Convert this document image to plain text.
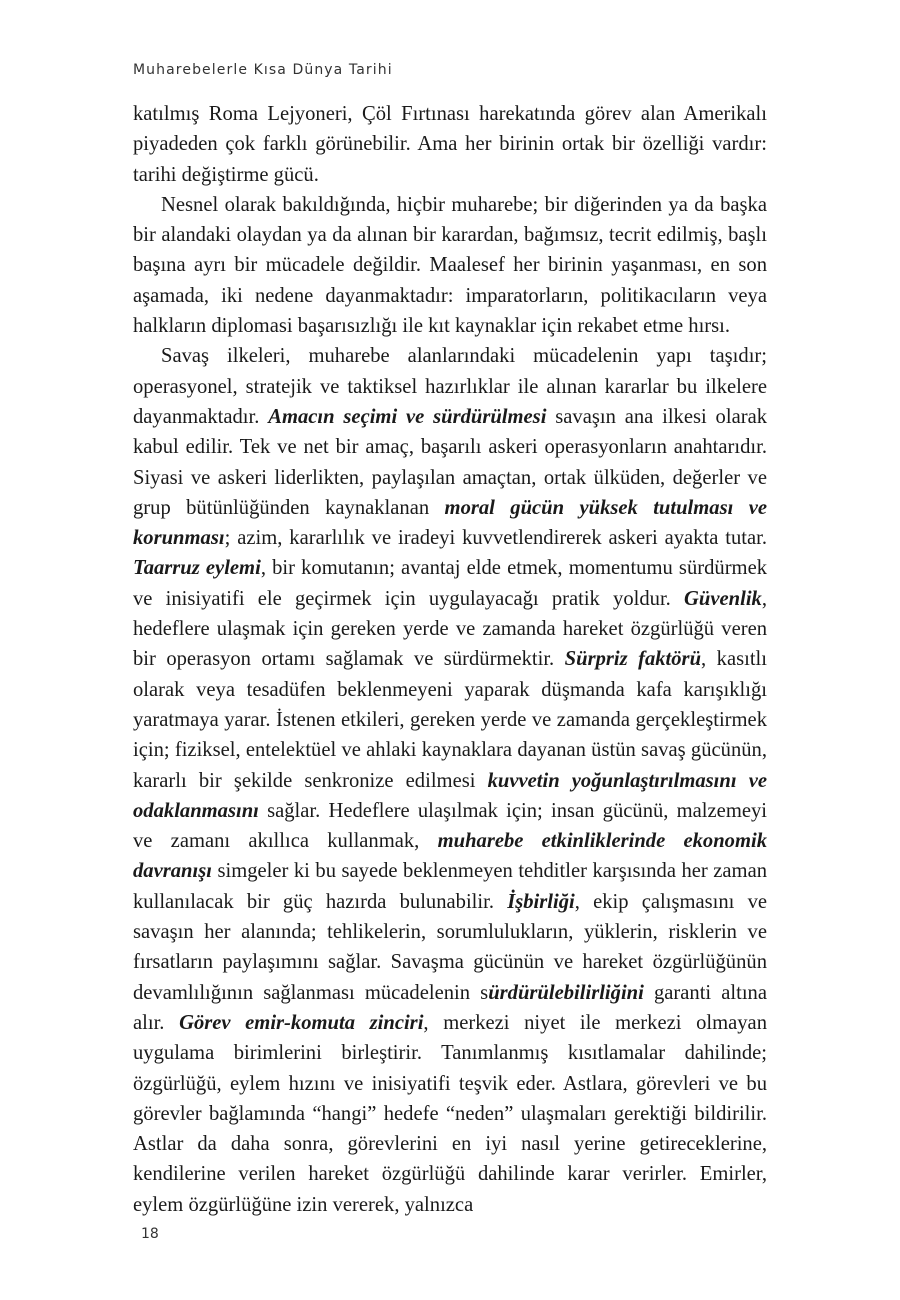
Muharebelerle Kısa Dünya Tarihi

katılmış Roma Lejyoneri, Çöl Fırtınası harekatında görev alan Amerikalı piyadeden çok farklı görünebilir. Ama her birinin ortak bir özelliği vardır: tarihi değiştirme gücü.

Nesnel olarak bakıldığında, hiçbir muharebe; bir diğerinden ya da başka bir alandaki olaydan ya da alınan bir karardan, bağımsız, tecrit edilmiş, başlı başına ayrı bir mücadele değildir. Maalesef her birinin yaşanması, en son aşamada, iki nedene dayanmaktadır: imparatorların, politikacıların veya halkların diplomasi başarısızlığı ile kıt kaynaklar için rekabet etme hırsı.

Savaş ilkeleri, muharebe alanlarındaki mücadelenin yapı taşıdır; operasyonel, stratejik ve taktiksel hazırlıklar ile alınan kararlar bu ilkelere dayanmaktadır. Amacın seçimi ve sürdürülmesi savaşın ana ilkesi olarak kabul edilir. Tek ve net bir amaç, başarılı askeri operasyonların anahtarıdır. Siyasi ve askeri liderlikten, paylaşılan amaçtan, ortak ülküden, değerler ve grup bütünlüğünden kaynaklanan moral gücün yüksek tutulması ve korunması; azim, kararlılık ve iradeyi kuvvetlendirerek askeri ayakta tutar. Taarruz eylemi, bir komutanın; avantaj elde etmek, momentumu sürdürmek ve inisiyatifi ele geçirmek için uygulayacağı pratik yoldur. Güvenlik, hedeflere ulaşmak için gereken yerde ve zamanda hareket özgürlüğü veren bir operasyon ortamı sağlamak ve sürdürmektir. Sürpriz faktörü, kasıtlı olarak veya tesadüfen beklenmeyeni yaparak düşmanda kafa karışıklığı yaratmaya yarar. İstenen etkileri, gereken yerde ve zamanda gerçekleştirmek için; fiziksel, entelektüel ve ahlaki kaynaklara dayanan üstün savaş gücünün, kararlı bir şekilde senkronize edilmesi kuvvetin yoğunlaştırılmasını ve odaklanmasını sağlar. Hedeflere ulaşılmak için; insan gücünü, malzemeyi ve zamanı akıllıca kullanmak, muharebe etkinliklerinde ekonomik davranışı simgeler ki bu sayede beklenmeyen tehditler karşısında her zaman kullanılacak bir güç hazırda bulunabilir. İşbirliği, ekip çalışmasını ve savaşın her alanında; tehlikelerin, sorumlulukların, yüklerin, risklerin ve fırsatların paylaşımını sağlar. Savaşma gücünün ve hareket özgürlüğünün devamlılığının sağlanması mücadelenin sürdürülebilirliğini garanti altına alır. Görev emir-komuta zinciri, merkezi niyet ile merkezi olmayan uygulama birimlerini birleştirir. Tanımlanmış kısıtlamalar dahilinde; özgürlüğü, eylem hızını ve inisiyatifi teşvik eder. Astlara, görevleri ve bu görevler bağlamında “hangi” hedefe “neden” ulaşmaları gerektiği bildirilir. Astlar da daha sonra, görevlerini en iyi nasıl yerine getireceklerine, kendilerine verilen hareket özgürlüğü dahilinde karar verirler. Emirler, eylem özgürlüğüne izin vererek, yalnızca

18
